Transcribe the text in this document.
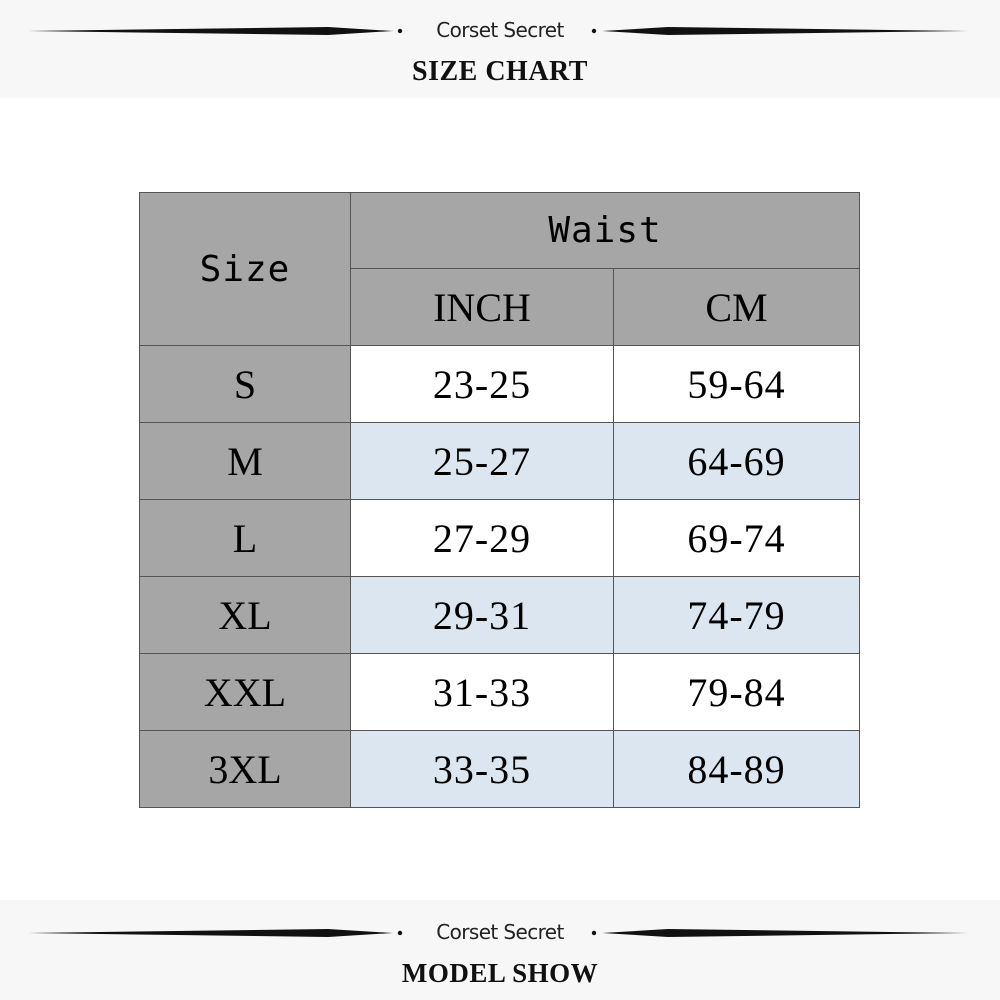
Corset Secret
SIZE CHART
Size	Waist	
	INCH	CM
S	23-25	59-64
M	25-27	64-69
L	27-29	69-74
XL	29-31	74-79
XXL	31-33	79-84
3XL	33-35	84-89
Corset Secret
MODEL SHOW
